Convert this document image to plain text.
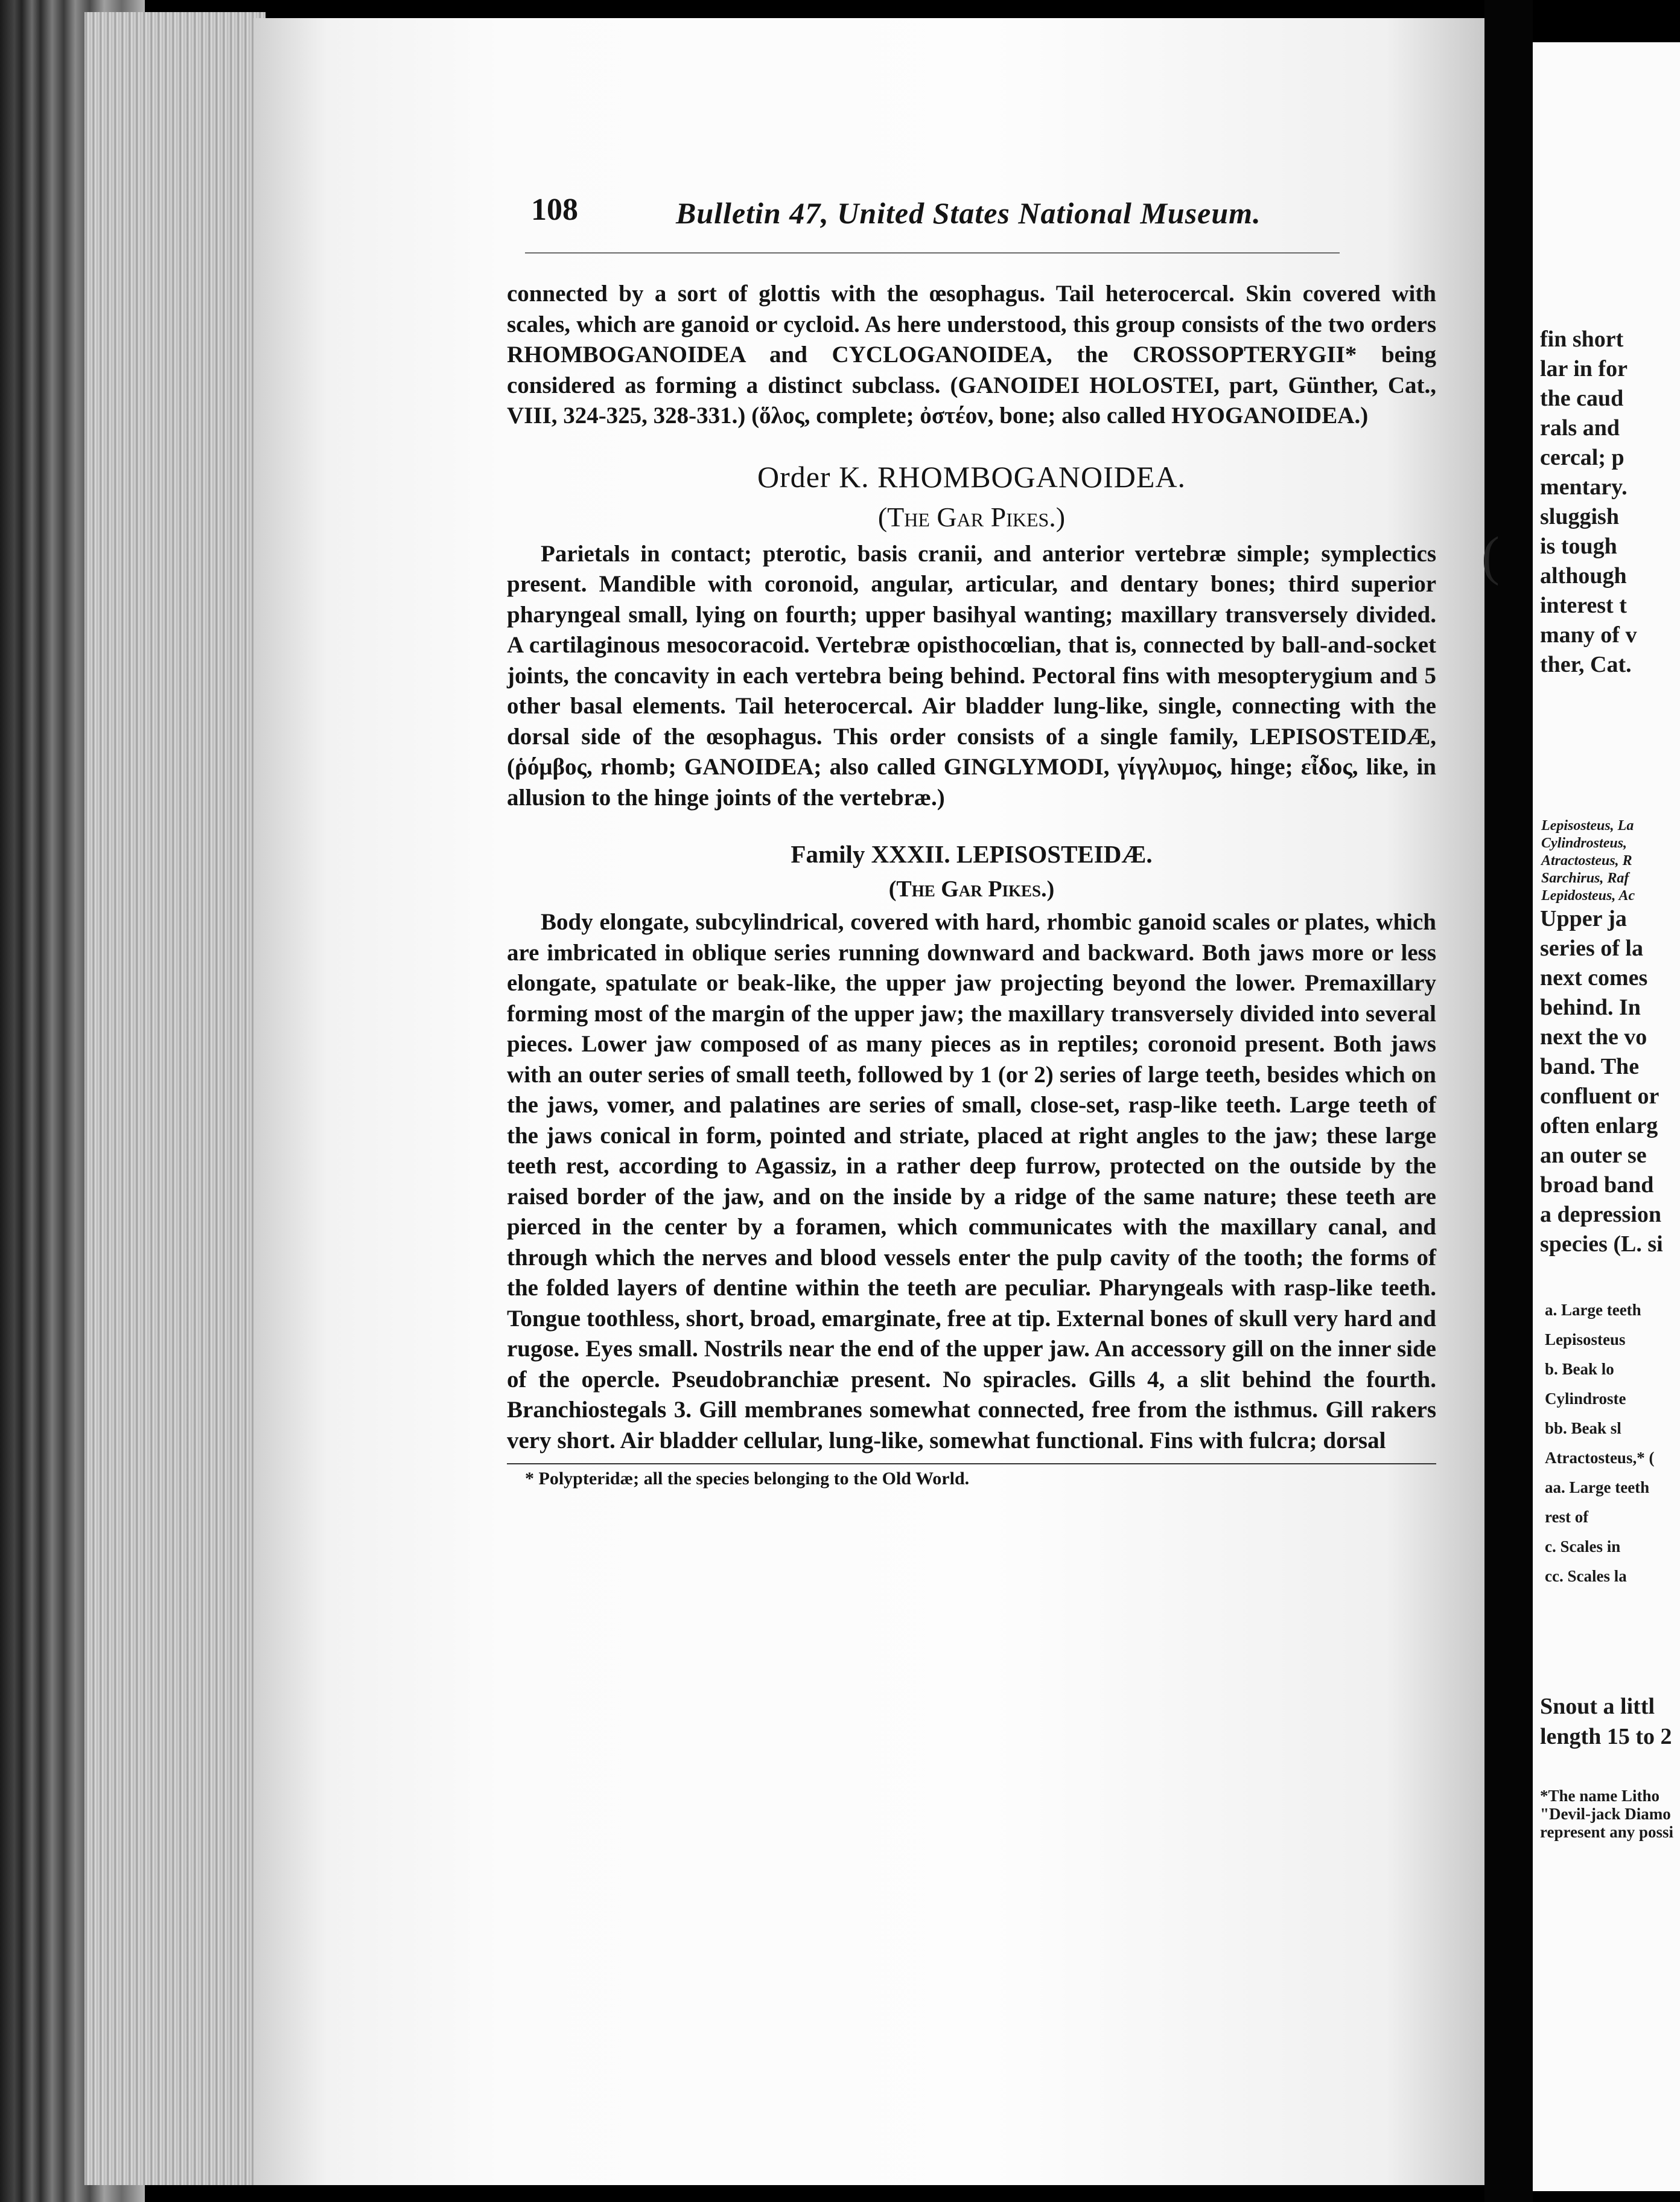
fin short
lar in for
the caud
rals and
cercal; p
mentary.
sluggish
is tough
although
interest t
many of v
ther, Cat.
Lepisosteus, La
Cylindrosteus,
Atractosteus, R
Sarchirus, Raf
Lepidosteus, Ac
Upper ja
series of la
next comes
behind. In
next the vo
band. The
confluent or
often enlarg
an outer se
broad band
a depression
species (L. si
a. Large teeth
Lepisosteus
b. Beak lo
Cylindroste
bb. Beak sl
Atractosteus,* (
aa. Large teeth
rest of
c. Scales in
cc. Scales la
Snout a littl
length 15 to 2
*The name Litho
"Devil-jack Diamo
represent any possi
(
108	Bulletin 47, United States National Museum.

connected by a sort of glottis with the œsophagus. Tail heterocercal. Skin covered with scales, which are ganoid or cycloid. As here understood, this group consists of the two orders RHOMBOGANOIDEA and CYCLOGANOIDEA, the CROSSOPTERYGII* being considered as forming a distinct subclass. (GANOIDEI HOLOSTEI, part, Günther, Cat., VIII, 324-325, 328-331.) (ὅλος, complete; ὀστέον, bone; also called HYOGANOIDEA.)

Order K. RHOMBOGANOIDEA.
(The Gar Pikes.)

Parietals in contact; pterotic, basis cranii, and anterior vertebræ simple; symplectics present. Mandible with coronoid, angular, articular, and dentary bones; third superior pharyngeal small, lying on fourth; upper basihyal wanting; maxillary transversely divided. A cartilaginous mesocoracoid. Vertebræ opisthocœlian, that is, connected by ball-and-socket joints, the concavity in each vertebra being behind. Pectoral fins with mesopterygium and 5 other basal elements. Tail heterocercal. Air bladder lung-like, single, connecting with the dorsal side of the œsophagus. This order consists of a single family, LEPISOSTEIDÆ, (ῥόμβος, rhomb; GANOIDEA; also called GINGLYMODI, γίγγλυμος, hinge; εἶδος, like, in allusion to the hinge joints of the vertebræ.)

Family XXXII. LEPISOSTEIDÆ.
(The Gar Pikes.)

Body elongate, subcylindrical, covered with hard, rhombic ganoid scales or plates, which are imbricated in oblique series running downward and backward. Both jaws more or less elongate, spatulate or beak-like, the upper jaw projecting beyond the lower. Premaxillary forming most of the margin of the upper jaw; the maxillary transversely divided into several pieces. Lower jaw composed of as many pieces as in reptiles; coronoid present. Both jaws with an outer series of small teeth, followed by 1 (or 2) series of large teeth, besides which on the jaws, vomer, and palatines are series of small, close-set, rasp-like teeth. Large teeth of the jaws conical in form, pointed and striate, placed at right angles to the jaw; these large teeth rest, according to Agassiz, in a rather deep furrow, protected on the outside by the raised border of the jaw, and on the inside by a ridge of the same nature; these teeth are pierced in the center by a foramen, which communicates with the maxillary canal, and through which the nerves and blood vessels enter the pulp cavity of the tooth; the forms of the folded layers of dentine within the teeth are peculiar. Pharyngeals with rasp-like teeth. Tongue toothless, short, broad, emarginate, free at tip. External bones of skull very hard and rugose. Eyes small. Nostrils near the end of the upper jaw. An accessory gill on the inner side of the opercle. Pseudobranchiæ present. No spiracles. Gills 4, a slit behind the fourth. Branchiostegals 3. Gill membranes somewhat connected, free from the isthmus. Gill rakers very short. Air bladder cellular, lung-like, somewhat functional. Fins with fulcra; dorsal

* Polypteridæ; all the species belonging to the Old World.
